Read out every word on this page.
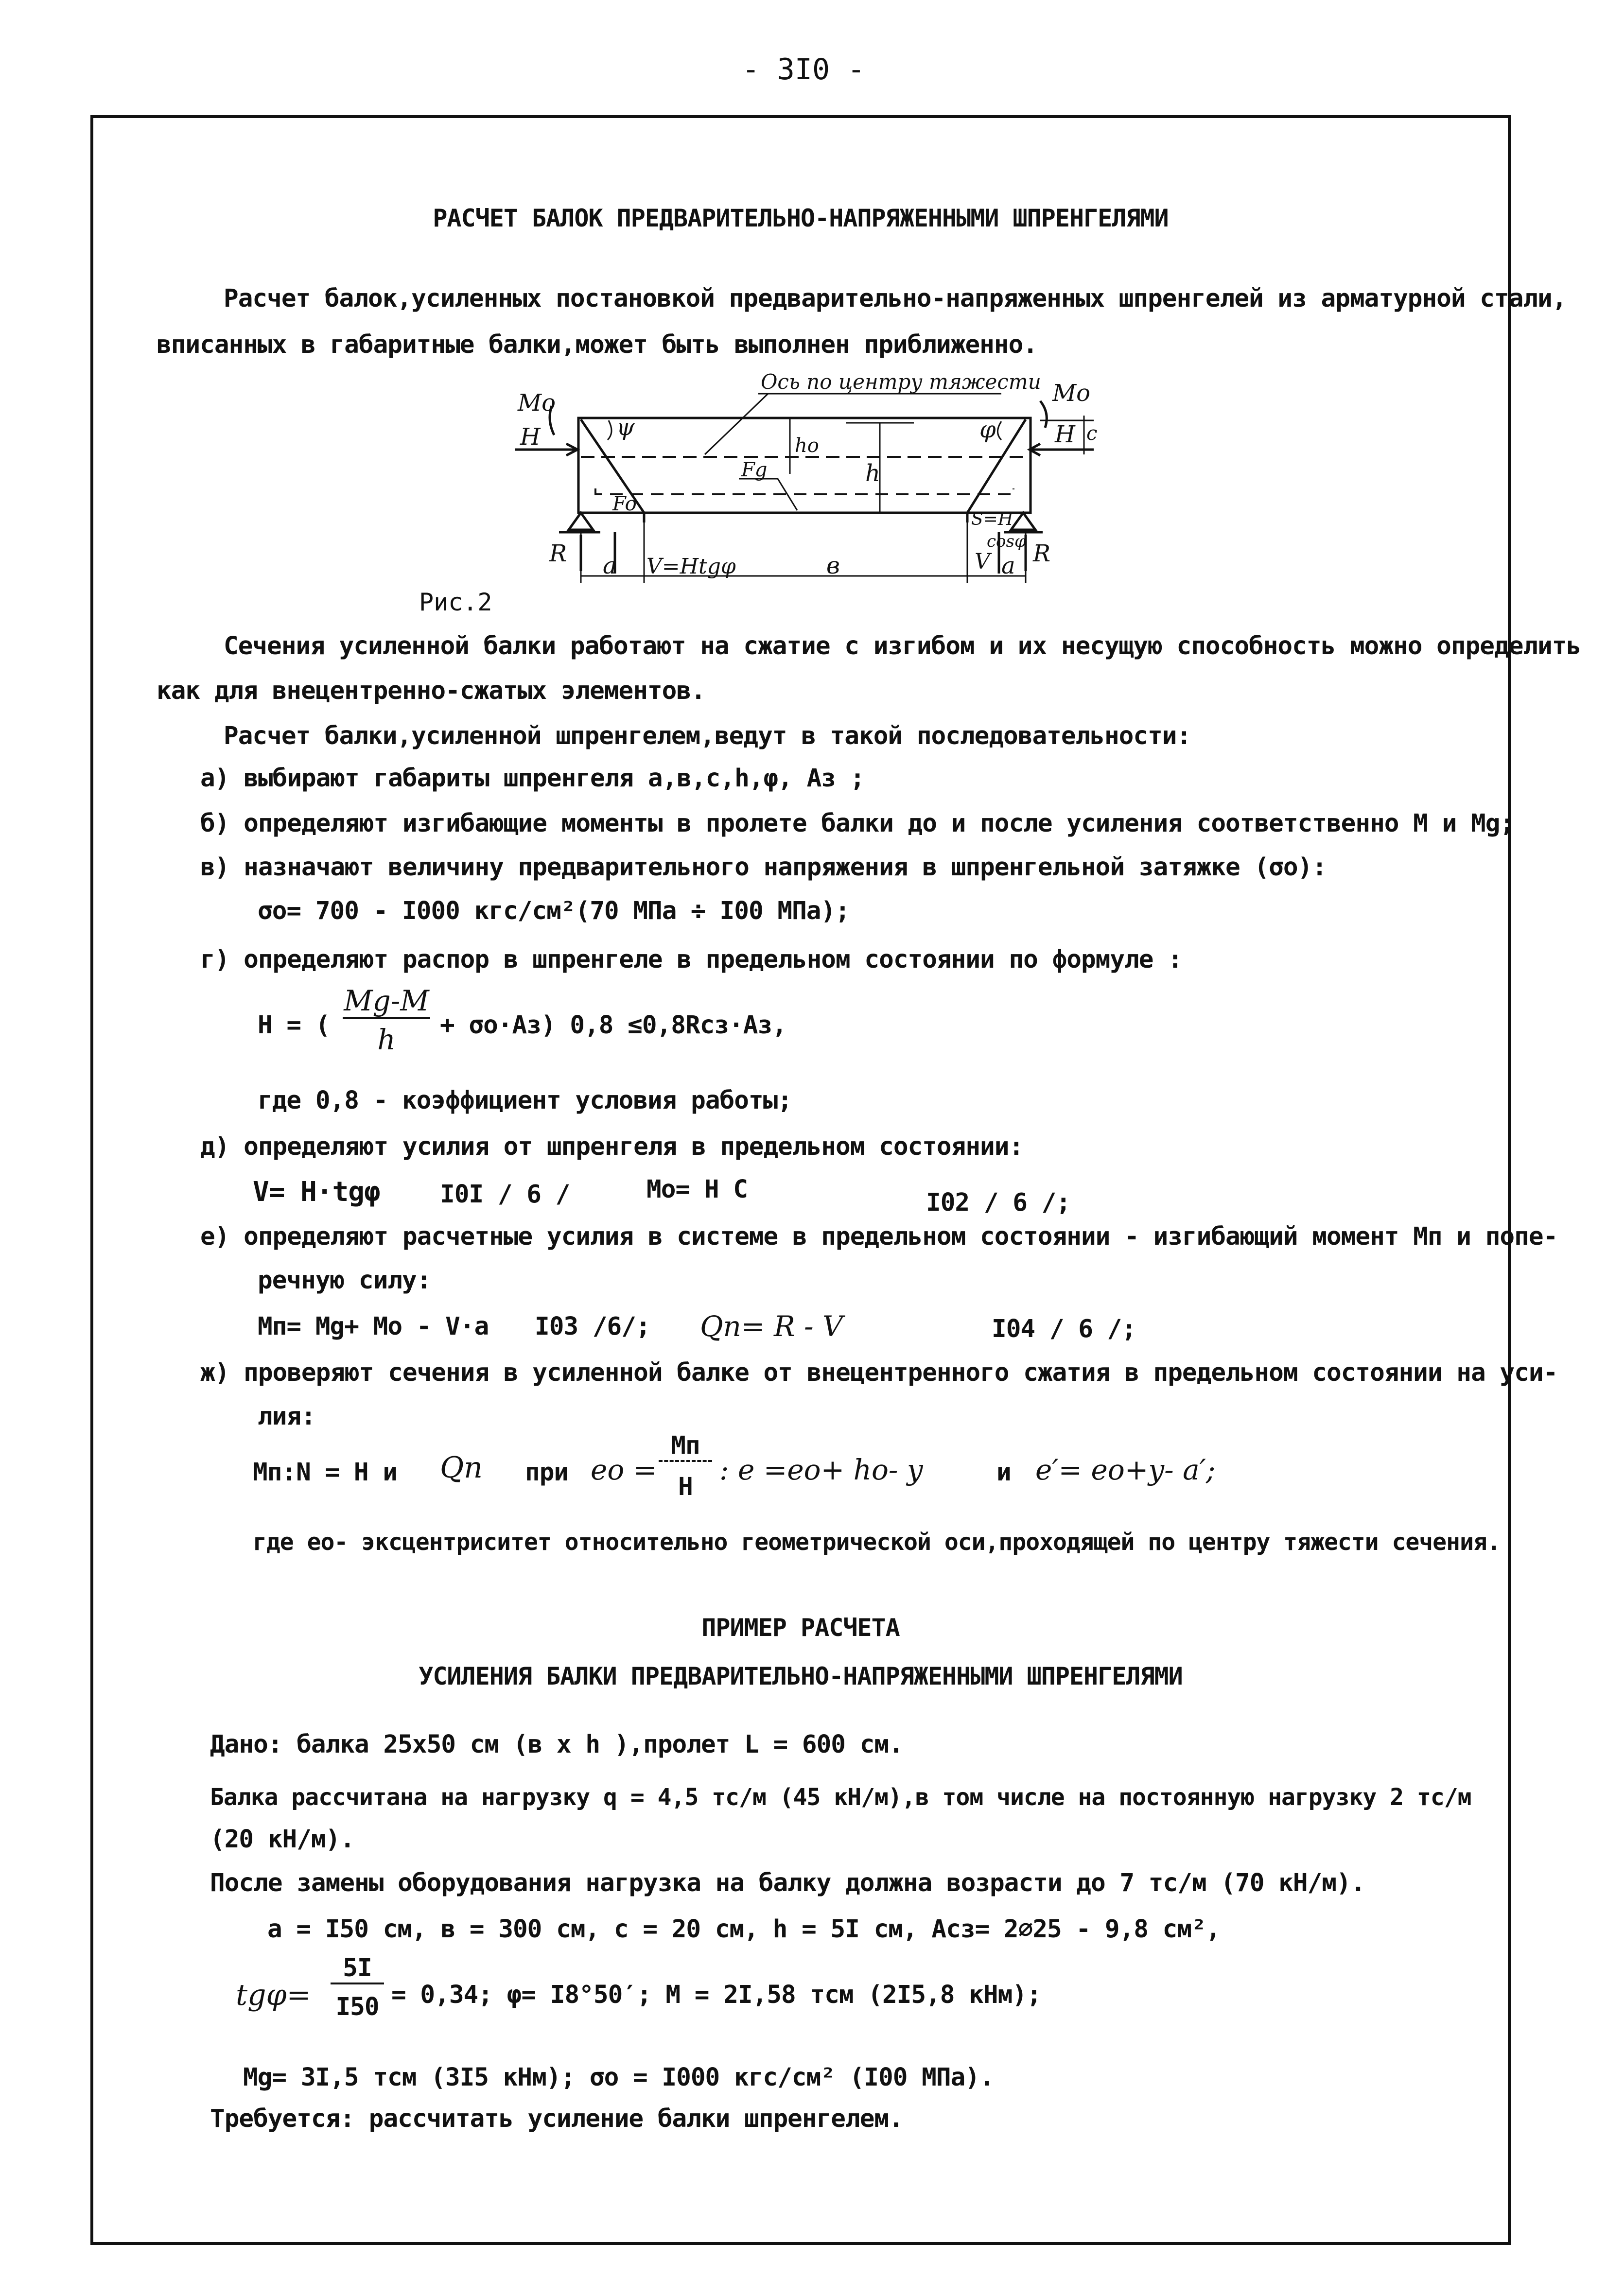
- 3I0 -
РАСЧЕТ БАЛОК ПРЕДВАРИТЕЛЬНО-НАПРЯЖЕННЫМИ ШПРЕНГЕЛЯМИ
Расчет балок,усиленных постановкой предварительно-напряженных шпренгелей из арматурной стали,
вписанных в габаритные балки,может быть выполнен приближенно.
Ось по центру тяжести
Mo	Mo
H	H c
ψ	φ
ho
h
Fo
Fg
R	R
a V=Htgφ	в	V a
S=H
cosφ
Рис.2
Сечения усиленной балки работают на сжатие с изгибом и их несущую способность можно определить
как для внецентренно-сжатых элементов.
Расчет балки,усиленной шпренгелем,ведут в такой последовательности:
а) выбирают габариты шпренгеля а,в,с,h,φ, Аз ;
б) определяют изгибающие моменты в пролете балки до и после усиления соответственно М и Мg;
в) назначают величину предварительного напряжения в шпренгельной затяжке (σo):
σo= 700 - I000 кгс/см²(70 МПа ÷ I00 МПа);
г) определяют распор в шпренгеле в предельном состоянии по формуле :
H = (
Mg-M
h	+ σo·Аз) 0,8 ≤0,8Rcз·Аз,
где 0,8 - коэффициент условия работы;
д) определяют усилия от шпренгеля в предельном состоянии:
V= H·tgφ I0I / 6 /	Mo= H C	I02 / 6 /;
е) определяют расчетные усилия в системе в предельном состоянии - изгибающий момент Мп и попе-
речную силу:
Мп= Мg+ Мo - V·a I03 /6/; Qп= R - V	I04 / 6 /;
ж) проверяют сечения в усиленной балке от внецентренного сжатия в предельном состоянии на уси-
лия:
Мп:N = H и Qп при eo =
Мп
H
: e =eo+ ho- y	и e′= eo+y- a′;
где eo- эксцентриситет относительно геометрической оси,проходящей по центру тяжести сечения.
ПРИМЕР РАСЧЕТА
УСИЛЕНИЯ БАЛКИ ПРЕДВАРИТЕЛЬНО-НАПРЯЖЕННЫМИ ШПРЕНГЕЛЯМИ
Дано: балка 25х50 см (в х h ),пролет L = 600 см.
Балка рассчитана на нагрузку q = 4,5 тс/м (45 кН/м),в том числе на постоянную нагрузку 2 тс/м
(20 кН/м).
После замены оборудования нагрузка на балку должна возрасти до 7 тс/м (70 кН/м).
а = I50 см, в = 300 см, с = 20 см, h = 5I см, Асз= 2∅25 - 9,8 см²,
tgφ=
5I
I50 = 0,34; φ= I8°50′; M = 2I,58 тсм (2I5,8 кНм);
Мg= 3I,5 тсм (3I5 кНм); σo = I000 кгс/см² (I00 МПа).
Требуется: рассчитать усиление балки шпренгелем.
